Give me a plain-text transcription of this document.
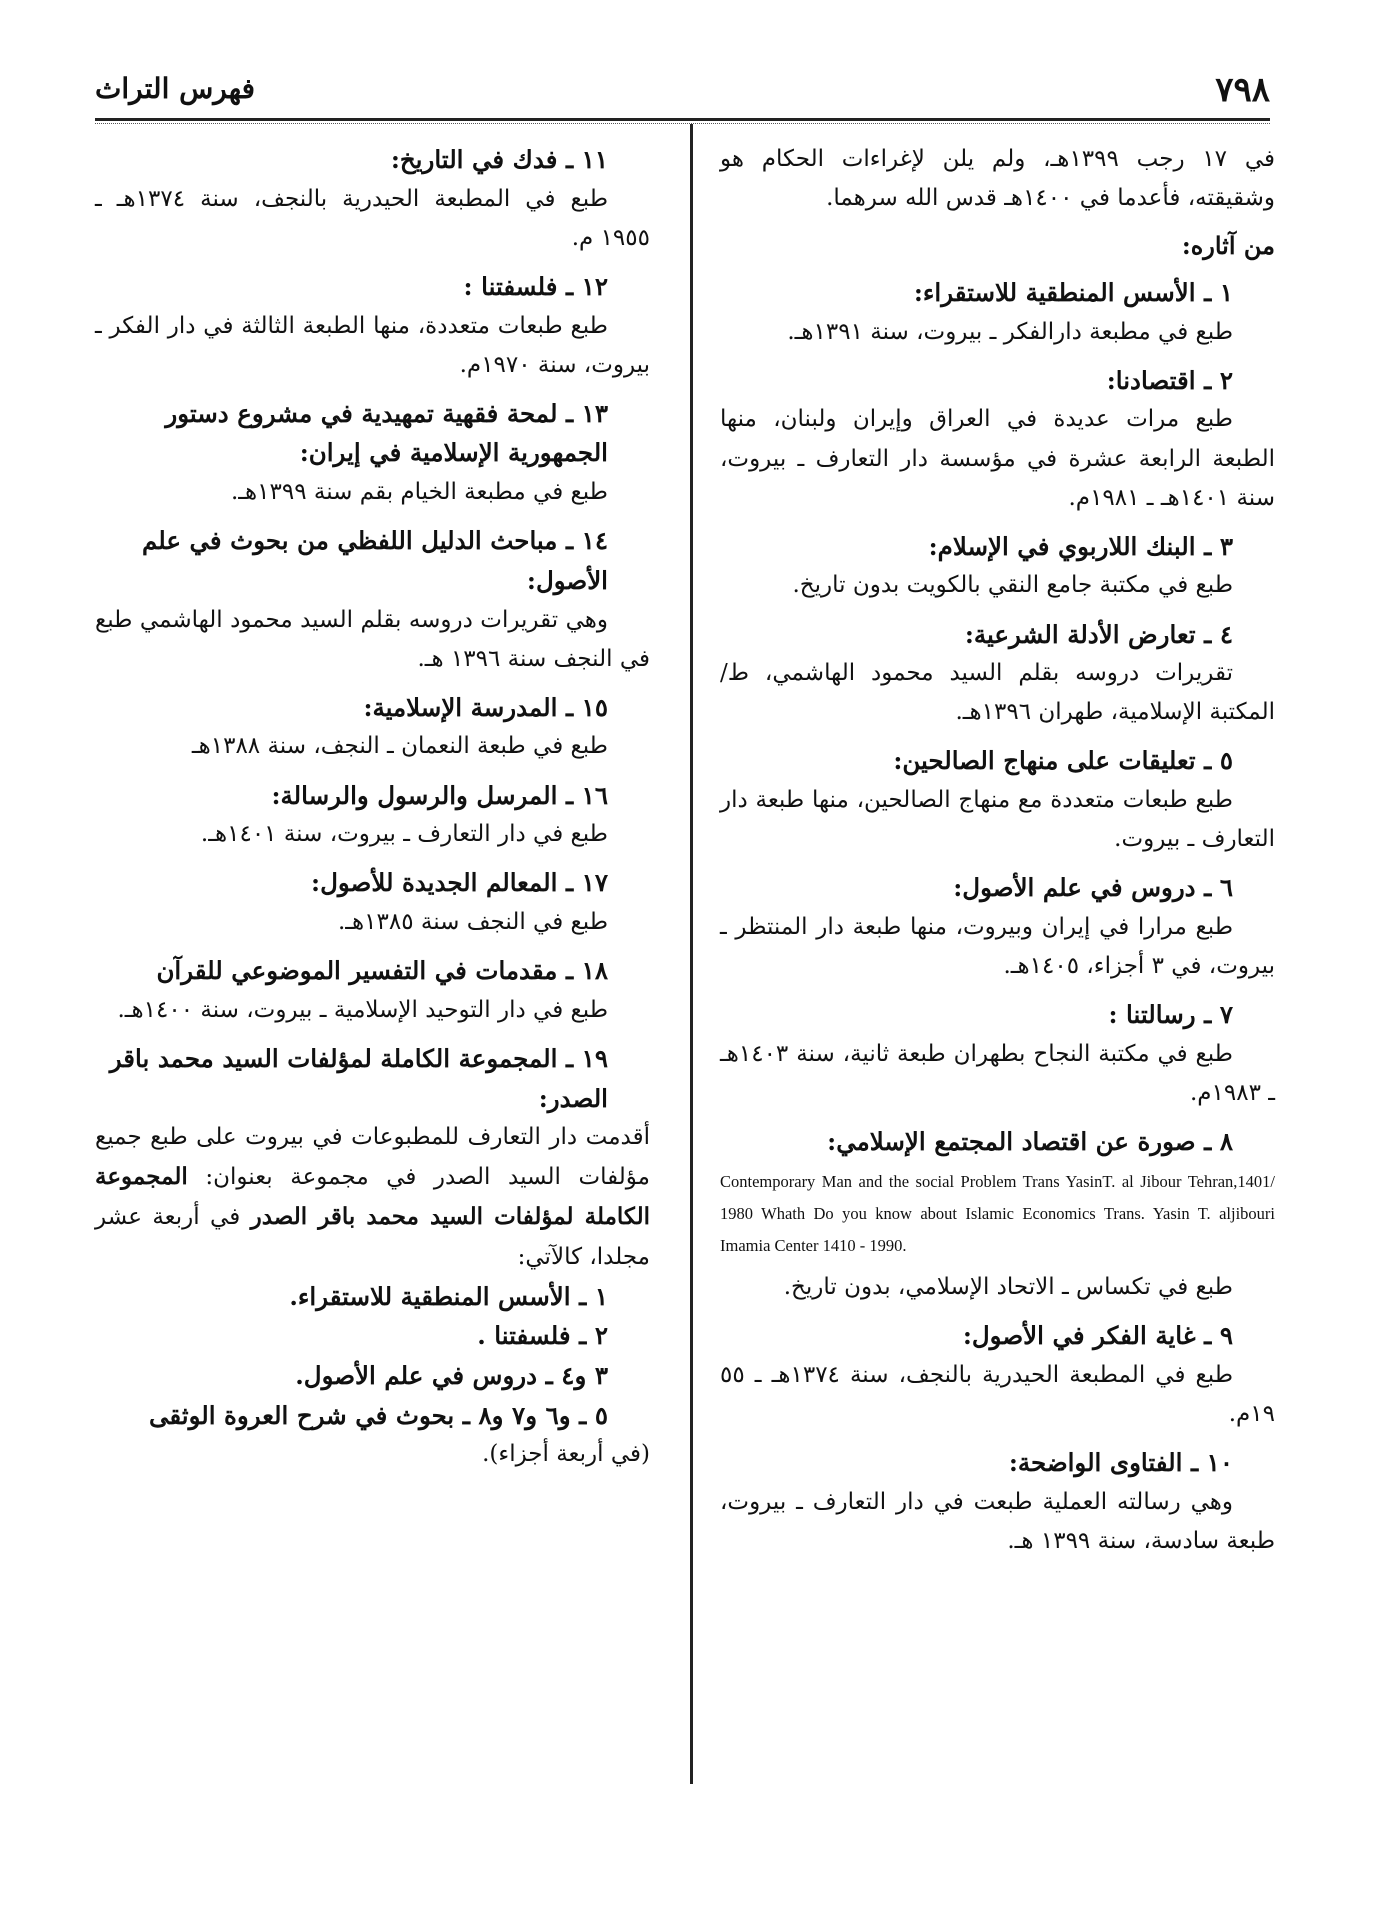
٧٩٨
فهرس التراث
في ١٧ رجب ١٣٩٩هـ، ولم يلن لإغراءات الحكام هو وشقيقته، فأعدما في ١٤٠٠هـ قدس الله سرهما.
من آثاره:
١ ـ الأسس المنطقية للاستقراء:
طبع في مطبعة دارالفكر ـ بيروت، سنة ١٣٩١هـ.
٢ ـ اقتصادنا:
طبع مرات عديدة في العراق وإيران ولبنان، منها الطبعة الرابعة عشرة في مؤسسة دار التعارف ـ بيروت، سنة ١٤٠١هـ ـ ١٩٨١م.
٣ ـ البنك اللاربوي في الإسلام:
طبع في مكتبة جامع النقي بالكويت بدون تاريخ.
٤ ـ تعارض الأدلة الشرعية:
تقريرات دروسه بقلم السيد محمود الهاشمي، ط/ المكتبة الإسلامية، طهران ١٣٩٦هـ.
٥ ـ تعليقات على منهاج الصالحين:
طبع طبعات متعددة مع منهاج الصالحين، منها طبعة دار التعارف ـ بيروت.
٦ ـ دروس في علم الأصول:
طبع مرارا في إيران وبيروت، منها طبعة دار المنتظر ـ بيروت، في ٣ أجزاء، ١٤٠٥هـ.
٧ ـ رسالتنا :
طبع في مكتبة النجاح بطهران طبعة ثانية، سنة ١٤٠٣هـ ـ ١٩٨٣م.
٨ ـ صورة عن اقتصاد المجتمع الإسلامي:
Contemporary Man and the social Problem Trans YasinT. al Jibour Tehran,1401/ 1980 Whath Do you know about Islamic Economics Trans. Yasin T. aljibouri Imamia Center 1410 - 1990.
طبع في تكساس ـ الاتحاد الإسلامي، بدون تاريخ.
٩ ـ غاية الفكر في الأصول:
طبع في المطبعة الحيدرية بالنجف، سنة ١٣٧٤هـ ـ ٥٥ ١٩م.
١٠ ـ الفتاوى الواضحة:
وهي رسالته العملية طبعت في دار التعارف ـ بيروت، طبعة سادسة، سنة ١٣٩٩ هـ.
١١ ـ فدك في التاريخ:
طبع في المطبعة الحيدرية بالنجف، سنة ١٣٧٤هـ ـ ١٩٥٥ م.
١٢ ـ فلسفتنا :
طبع طبعات متعددة، منها الطبعة الثالثة في دار الفكر ـ بيروت، سنة ١٩٧٠م.
١٣ ـ لمحة فقهية تمهيدية في مشروع دستور الجمهورية الإسلامية في إيران:
طبع في مطبعة الخيام بقم سنة ١٣٩٩هـ.
١٤ ـ مباحث الدليل اللفظي من بحوث في علم الأصول:
وهي تقريرات دروسه بقلم السيد محمود الهاشمي طبع في النجف سنة ١٣٩٦ هـ.
١٥ ـ المدرسة الإسلامية:
طبع في طبعة النعمان ـ النجف، سنة ١٣٨٨هـ
١٦ ـ المرسل والرسول والرسالة:
طبع في دار التعارف ـ بيروت، سنة ١٤٠١هـ.
١٧ ـ المعالم الجديدة للأصول:
طبع في النجف سنة ١٣٨٥هـ.
١٨ ـ مقدمات في التفسير الموضوعي للقرآن
طبع في دار التوحيد الإسلامية ـ بيروت، سنة ١٤٠٠هـ.
١٩ ـ المجموعة الكاملة لمؤلفات السيد محمد باقر الصدر:
أقدمت دار التعارف للمطبوعات في بيروت على طبع جميع مؤلفات السيد الصدر في مجموعة بعنوان: المجموعة الكاملة لمؤلفات السيد محمد باقر الصدر في أربعة عشر مجلدا، كالآتي:
١ ـ الأسس المنطقية للاستقراء.
٢ ـ فلسفتنا .
٣ و٤ ـ دروس في علم الأصول.
٥ ـ و٦ و٧ و٨ ـ بحوث في شرح العروة الوثقى
(في أربعة أجزاء).
